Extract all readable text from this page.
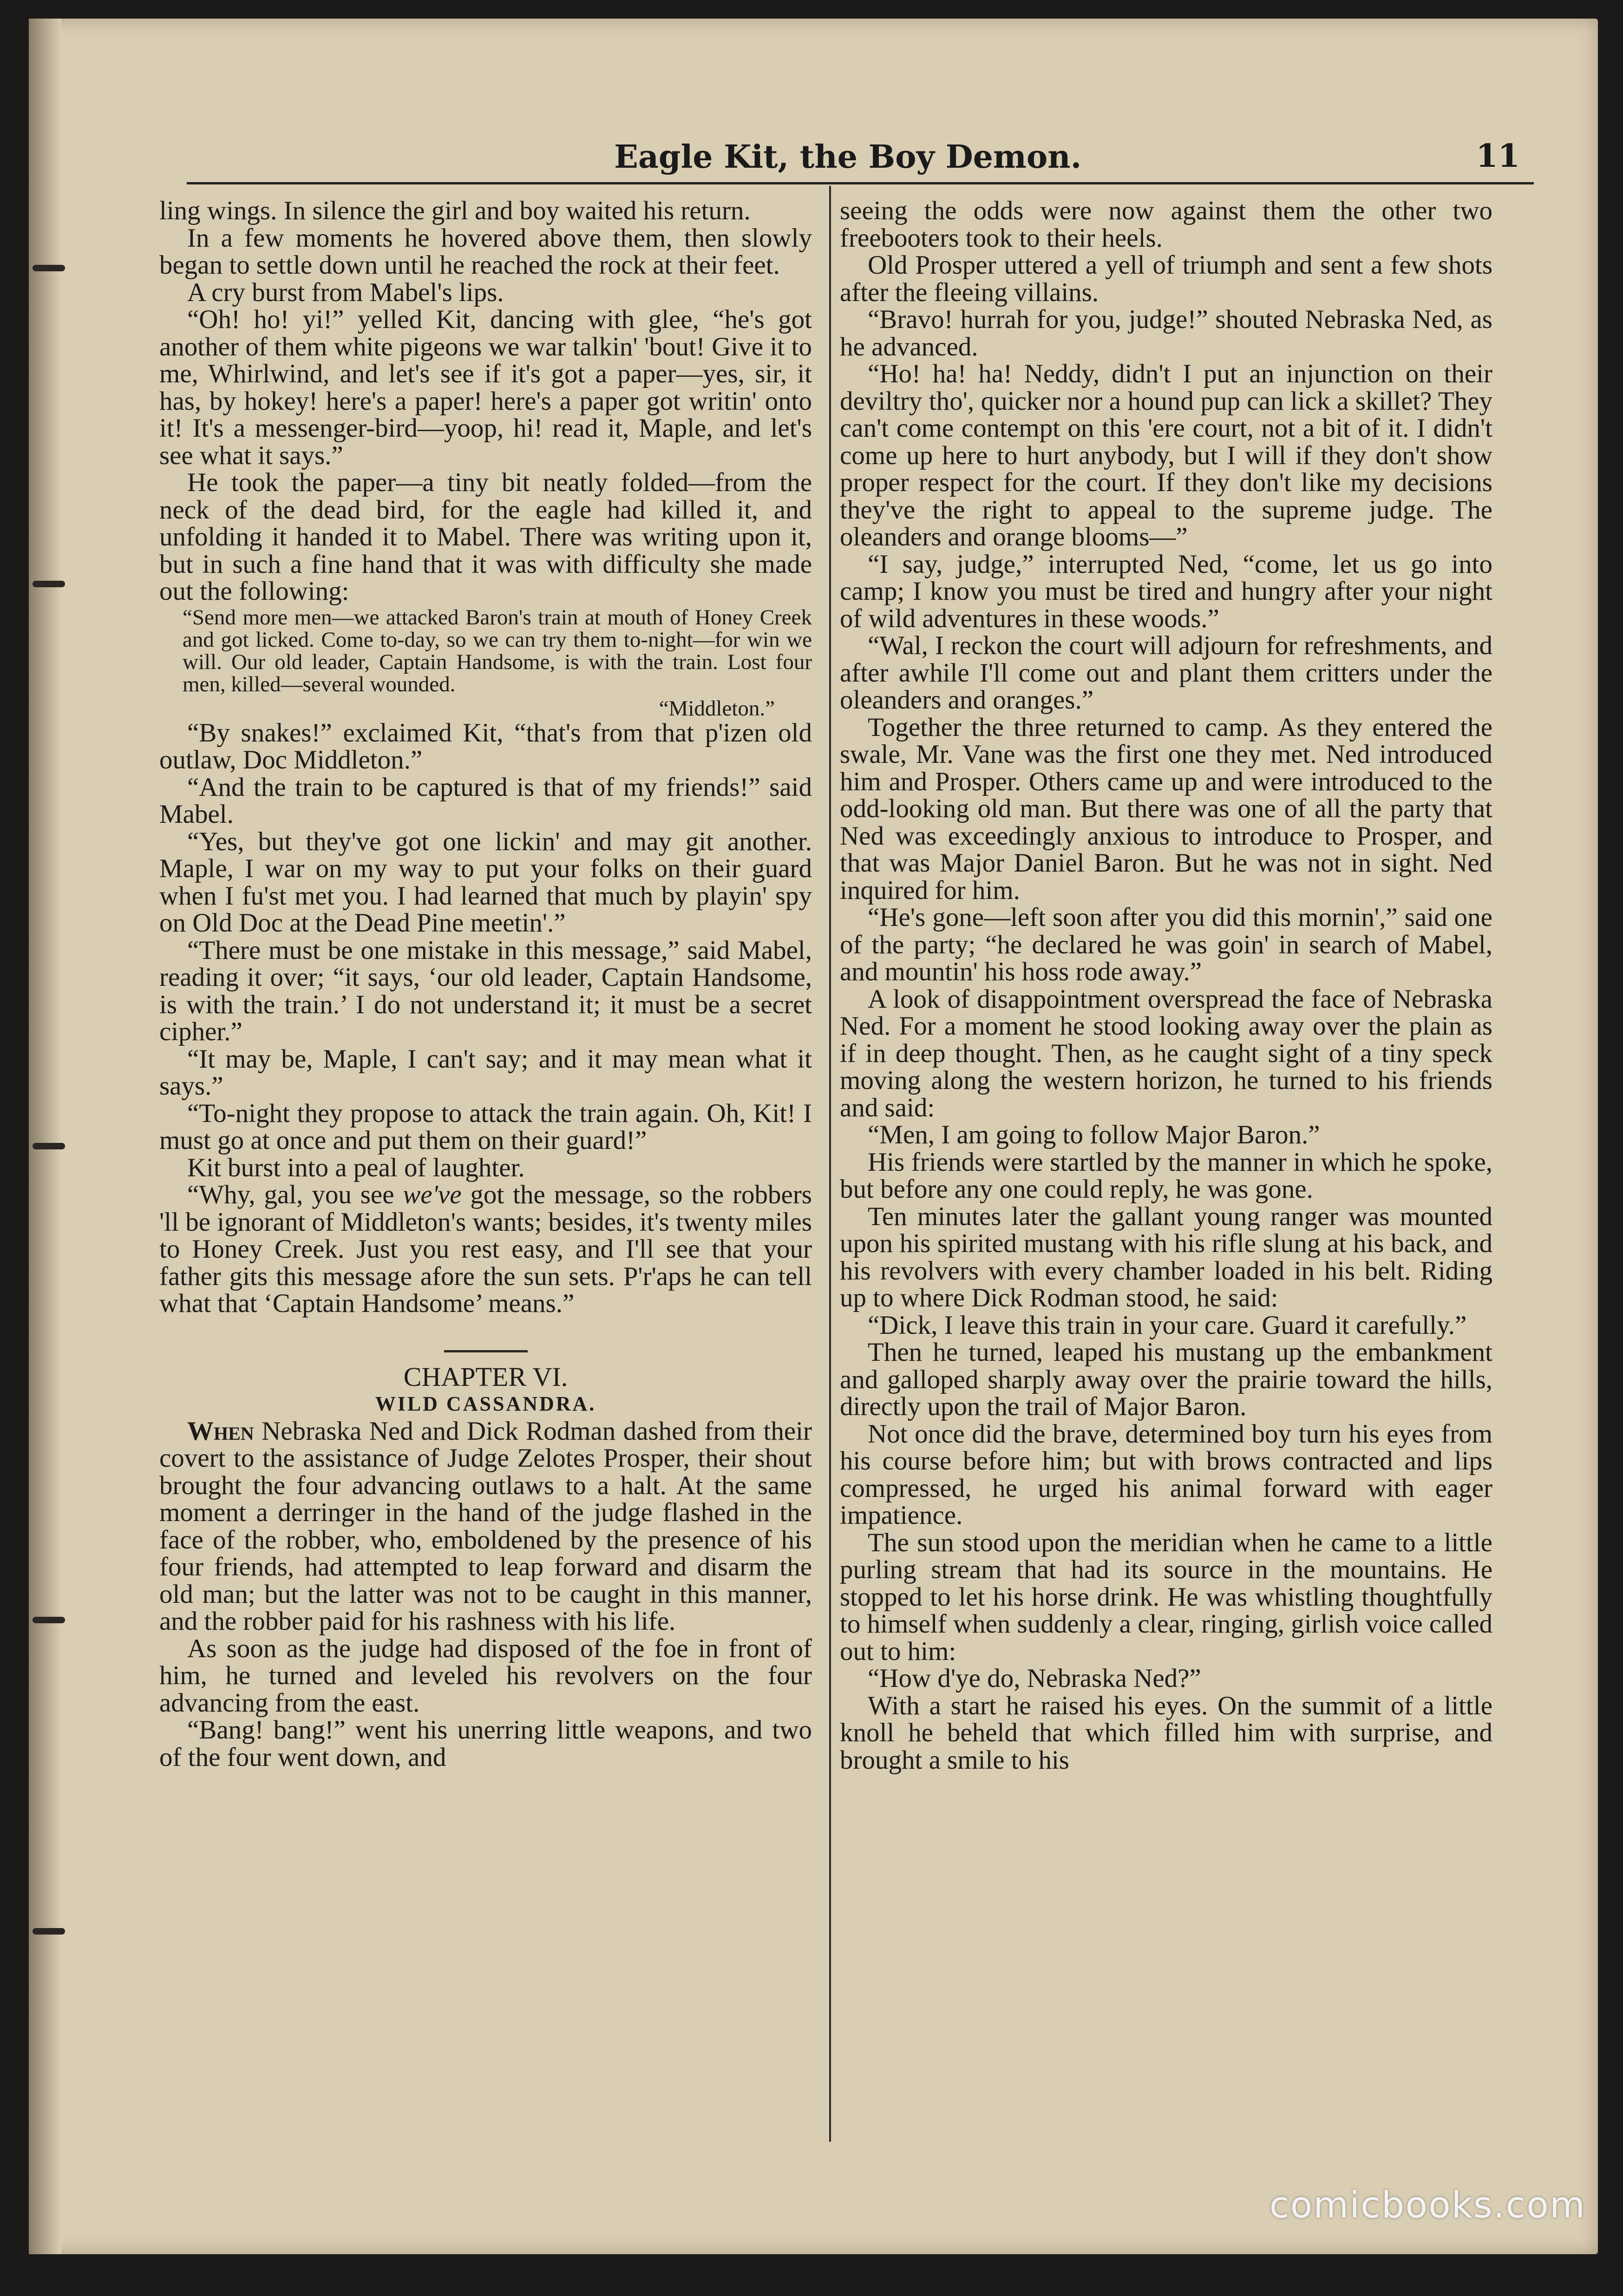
Eagle Kit, the Boy Demon.	11

ling wings. In silence the girl and boy waited his return.

In a few moments he hovered above them, then slowly began to settle down until he reached the rock at their feet.

A cry burst from Mabel's lips.

“Oh! ho! yi!” yelled Kit, dancing with glee, “he's got another of them white pigeons we war talkin' 'bout! Give it to me, Whirlwind, and let's see if it's got a paper—yes, sir, it has, by hokey! here's a paper! here's a paper got writin' onto it! It's a messenger-bird—yoop, hi! read it, Maple, and let's see what it says.”

He took the paper—a tiny bit neatly folded—from the neck of the dead bird, for the eagle had killed it, and unfolding it handed it to Mabel. There was writing upon it, but in such a fine hand that it was with difficulty she made out the following:

“Send more men—we attacked Baron's train at mouth of Honey Creek and got licked. Come to-day, so we can try them to-night—for win we will. Our old leader, Captain Handsome, is with the train. Lost four men, killed—several wounded.

“Middleton.”

“By snakes!” exclaimed Kit, “that's from that p'izen old outlaw, Doc Middleton.”

“And the train to be captured is that of my friends!” said Mabel.

“Yes, but they've got one lickin' and may git another. Maple, I war on my way to put your folks on their guard when I fu'st met you. I had learned that much by playin' spy on Old Doc at the Dead Pine meetin'.”

“There must be one mistake in this message,” said Mabel, reading it over; “it says, ‘our old leader, Captain Handsome, is with the train.’ I do not understand it; it must be a secret cipher.”

“It may be, Maple, I can't say; and it may mean what it says.”

“To-night they propose to attack the train again. Oh, Kit! I must go at once and put them on their guard!”

Kit burst into a peal of laughter.

“Why, gal, you see we've got the message, so the robbers 'll be ignorant of Middleton's wants; besides, it's twenty miles to Honey Creek. Just you rest easy, and I'll see that your father gits this message afore the sun sets. P'r'aps he can tell what that ‘Captain Handsome’ means.”

CHAPTER VI.

WILD CASSANDRA.

When Nebraska Ned and Dick Rodman dashed from their covert to the assistance of Judge Zelotes Prosper, their shout brought the four advancing outlaws to a halt. At the same moment a derringer in the hand of the judge flashed in the face of the robber, who, emboldened by the presence of his four friends, had attempted to leap forward and disarm the old man; but the latter was not to be caught in this manner, and the robber paid for his rashness with his life.

As soon as the judge had disposed of the foe in front of him, he turned and leveled his revolvers on the four advancing from the east.

“Bang! bang!” went his unerring little weapons, and two of the four went down, and

seeing the odds were now against them the other two freebooters took to their heels.

Old Prosper uttered a yell of triumph and sent a few shots after the fleeing villains.

“Bravo! hurrah for you, judge!” shouted Nebraska Ned, as he advanced.

“Ho! ha! ha! Neddy, didn't I put an injunction on their deviltry tho', quicker nor a hound pup can lick a skillet? They can't come contempt on this 'ere court, not a bit of it. I didn't come up here to hurt anybody, but I will if they don't show proper respect for the court. If they don't like my decisions they've the right to appeal to the supreme judge. The oleanders and orange blooms—”

“I say, judge,” interrupted Ned, “come, let us go into camp; I know you must be tired and hungry after your night of wild adventures in these woods.”

“Wal, I reckon the court will adjourn for refreshments, and after awhile I'll come out and plant them critters under the oleanders and oranges.”

Together the three returned to camp. As they entered the swale, Mr. Vane was the first one they met. Ned introduced him and Prosper. Others came up and were introduced to the odd-looking old man. But there was one of all the party that Ned was exceedingly anxious to introduce to Prosper, and that was Major Daniel Baron. But he was not in sight. Ned inquired for him.

“He's gone—left soon after you did this mornin',” said one of the party; “he declared he was goin' in search of Mabel, and mountin' his hoss rode away.”

A look of disappointment overspread the face of Nebraska Ned. For a moment he stood looking away over the plain as if in deep thought. Then, as he caught sight of a tiny speck moving along the western horizon, he turned to his friends and said:

“Men, I am going to follow Major Baron.”

His friends were startled by the manner in which he spoke, but before any one could reply, he was gone.

Ten minutes later the gallant young ranger was mounted upon his spirited mustang with his rifle slung at his back, and his revolvers with every chamber loaded in his belt. Riding up to where Dick Rodman stood, he said:

“Dick, I leave this train in your care. Guard it carefully.”

Then he turned, leaped his mustang up the embankment and galloped sharply away over the prairie toward the hills, directly upon the trail of Major Baron.

Not once did the brave, determined boy turn his eyes from his course before him; but with brows contracted and lips compressed, he urged his animal forward with eager impatience.

The sun stood upon the meridian when he came to a little purling stream that had its source in the mountains. He stopped to let his horse drink. He was whistling thoughtfully to himself when suddenly a clear, ringing, girlish voice called out to him:

“How d'ye do, Nebraska Ned?”

With a start he raised his eyes. On the summit of a little knoll he beheld that which filled him with surprise, and brought a smile to his

comicbooks.com
